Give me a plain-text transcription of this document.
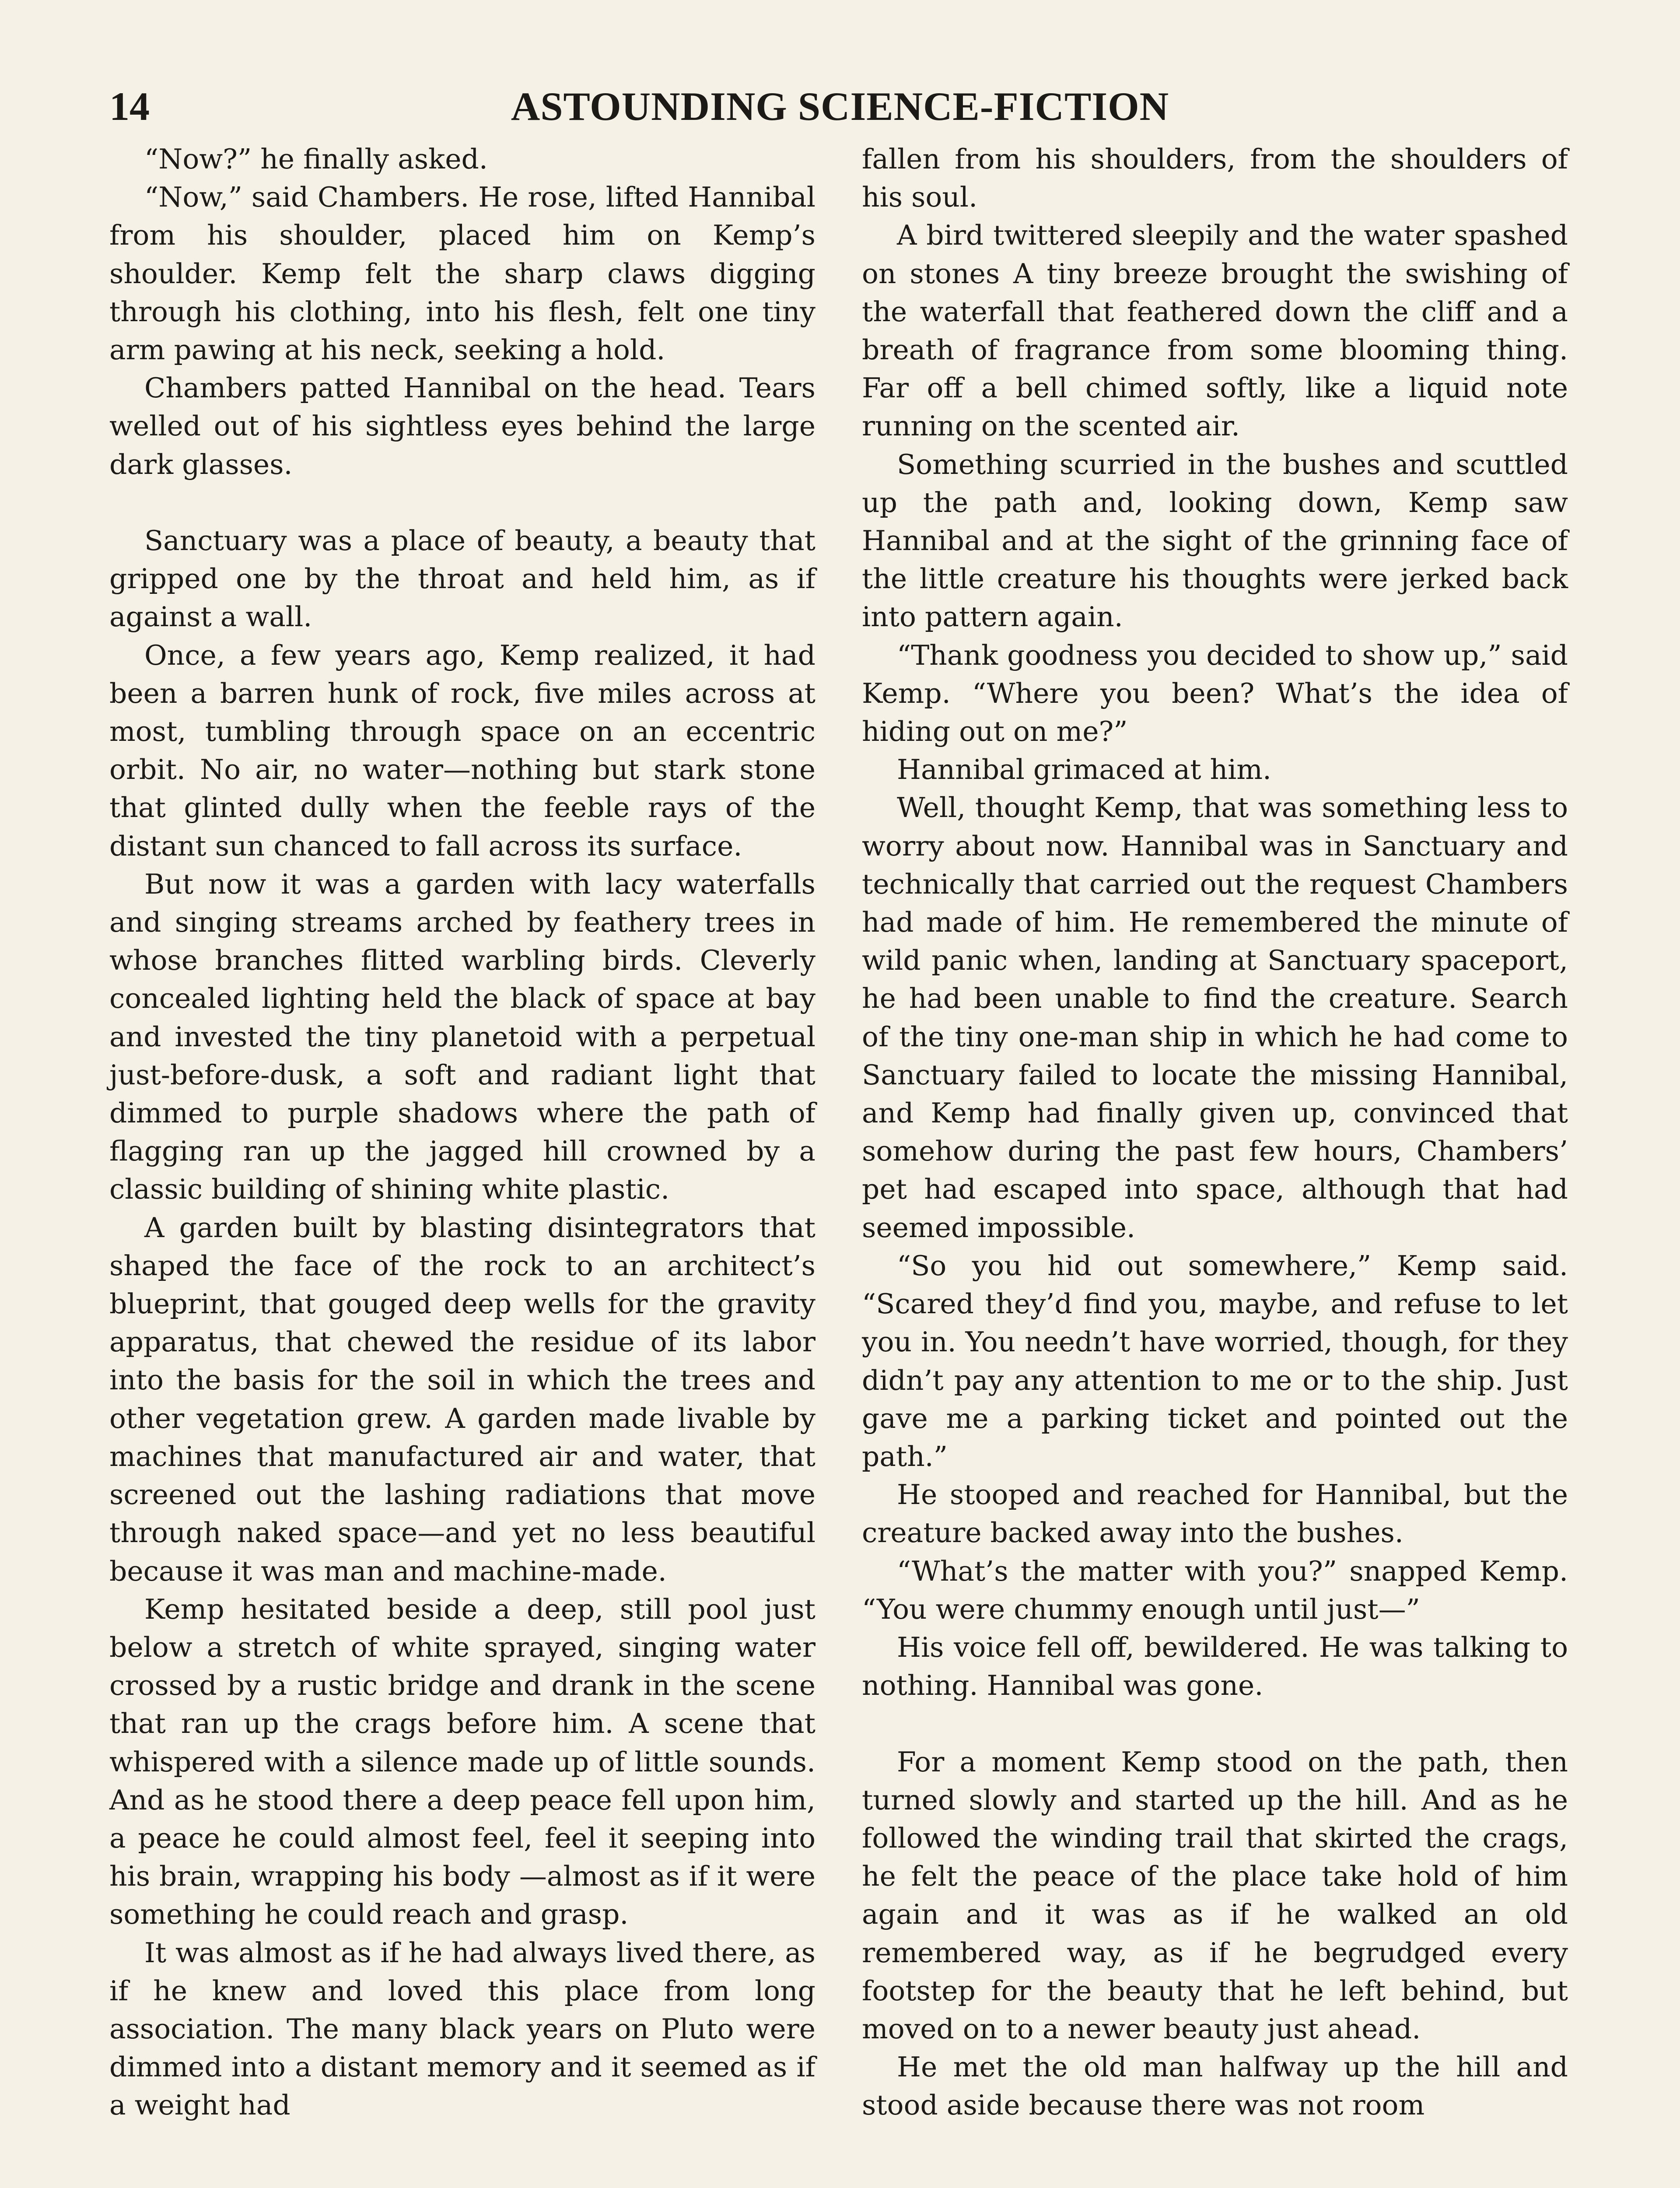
14	ASTOUNDING SCIENCE-FICTION

“Now?” he finally asked.

“Now,” said Chambers. He rose, lifted Hannibal from his shoulder, placed him on Kemp’s shoulder. Kemp felt the sharp claws digging through his clothing, into his flesh, felt one tiny arm pawing at his neck, seeking a hold.

Chambers patted Hannibal on the head. Tears welled out of his sightless eyes behind the large dark glasses.

Sanctuary was a place of beauty, a beauty that gripped one by the throat and held him, as if against a wall.

Once, a few years ago, Kemp realized, it had been a barren hunk of rock, five miles across at most, tumbling through space on an eccentric orbit. No air, no water—nothing but stark stone that glinted dully when the feeble rays of the distant sun chanced to fall across its surface.

But now it was a garden with lacy waterfalls and singing streams arched by feathery trees in whose branches flitted warbling birds. Cleverly concealed lighting held the black of space at bay and invested the tiny planetoid with a perpetual just-before-dusk, a soft and radiant light that dimmed to purple shadows where the path of flagging ran up the jagged hill crowned by a classic building of shining white plastic.

A garden built by blasting disintegrators that shaped the face of the rock to an architect’s blueprint, that gouged deep wells for the gravity apparatus, that chewed the residue of its labor into the basis for the soil in which the trees and other vegetation grew. A garden made livable by machines that manufactured air and water, that screened out the lashing radiations that move through naked space—and yet no less beautiful because it was man and machine-made.

Kemp hesitated beside a deep, still pool just below a stretch of white sprayed, singing water crossed by a rustic bridge and drank in the scene that ran up the crags before him. A scene that whispered with a silence made up of little sounds. And as he stood there a deep peace fell upon him, a peace he could almost feel, feel it seeping into his brain, wrapping his body —almost as if it were something he could reach and grasp.

It was almost as if he had always lived there, as if he knew and loved this place from long association. The many black years on Pluto were dimmed into a distant memory and it seemed as if a weight had

fallen from his shoulders, from the shoulders of his soul.

A bird twittered sleepily and the water spashed on stones A tiny breeze brought the swishing of the waterfall that feathered down the cliff and a breath of fragrance from some blooming thing. Far off a bell chimed softly, like a liquid note running on the scented air.

Something scurried in the bushes and scuttled up the path and, looking down, Kemp saw Hannibal and at the sight of the grinning face of the little creature his thoughts were jerked back into pattern again.

“Thank goodness you decided to show up,” said Kemp. “Where you been? What’s the idea of hiding out on me?”

Hannibal grimaced at him.

Well, thought Kemp, that was something less to worry about now. Hannibal was in Sanctuary and technically that carried out the request Chambers had made of him. He remembered the minute of wild panic when, landing at Sanctuary spaceport, he had been unable to find the creature. Search of the tiny one-man ship in which he had come to Sanctuary failed to locate the missing Hannibal, and Kemp had finally given up, convinced that somehow during the past few hours, Chambers’ pet had escaped into space, although that had seemed impossible.

“So you hid out somewhere,” Kemp said. “Scared they’d find you, maybe, and refuse to let you in. You needn’t have worried, though, for they didn’t pay any attention to me or to the ship. Just gave me a parking ticket and pointed out the path.”

He stooped and reached for Hannibal, but the creature backed away into the bushes.

“What’s the matter with you?” snapped Kemp. “You were chummy enough until just—”

His voice fell off, bewildered. He was talking to nothing. Hannibal was gone.

For a moment Kemp stood on the path, then turned slowly and started up the hill. And as he followed the winding trail that skirted the crags, he felt the peace of the place take hold of him again and it was as if he walked an old remembered way, as if he begrudged every footstep for the beauty that he left behind, but moved on to a newer beauty just ahead.

He met the old man halfway up the hill and stood aside because there was not room
